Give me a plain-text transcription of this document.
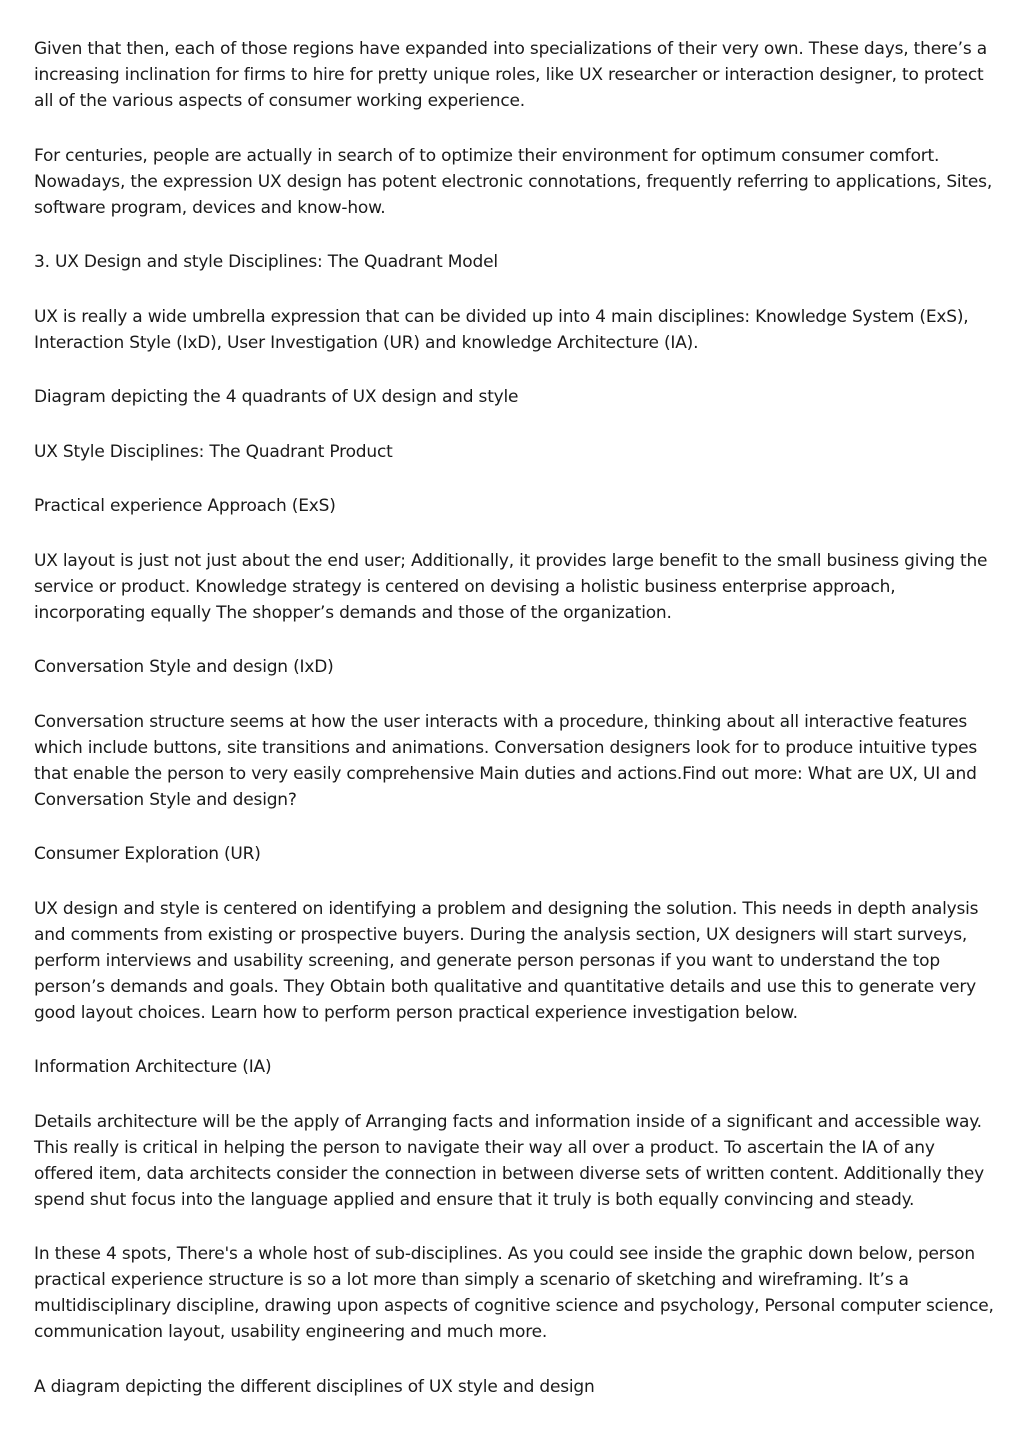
Given that then, each of those regions have expanded into specializations of their very own. These days, there’s a increasing inclination for firms to hire for pretty unique roles, like UX researcher or interaction designer, to protect all of the various aspects of consumer working experience.

For centuries, people are actually in search of to optimize their environment for optimum consumer comfort. Nowadays, the expression UX design has potent electronic connotations, frequently referring to applications, Sites, software program, devices and know-how.

3. UX Design and style Disciplines: The Quadrant Model

UX is really a wide umbrella expression that can be divided up into 4 main disciplines: Knowledge System (ExS), Interaction Style (IxD), User Investigation (UR) and knowledge Architecture (IA).

Diagram depicting the 4 quadrants of UX design and style

UX Style Disciplines: The Quadrant Product

Practical experience Approach (ExS)

UX layout is just not just about the end user; Additionally, it provides large benefit to the small business giving the service or product. Knowledge strategy is centered on devising a holistic business enterprise approach, incorporating equally The shopper’s demands and those of the organization.

Conversation Style and design (IxD)

Conversation structure seems at how the user interacts with a procedure, thinking about all interactive features which include buttons, site transitions and animations. Conversation designers look for to produce intuitive types that enable the person to very easily comprehensive Main duties and actions.Find out more: What are UX, UI and Conversation Style and design?

Consumer Exploration (UR)

UX design and style is centered on identifying a problem and designing the solution. This needs in depth analysis and comments from existing or prospective buyers. During the analysis section, UX designers will start surveys, perform interviews and usability screening, and generate person personas if you want to understand the top person’s demands and goals. They Obtain both qualitative and quantitative details and use this to generate very good layout choices. Learn how to perform person practical experience investigation below.

Information Architecture (IA)

Details architecture will be the apply of Arranging facts and information inside of a significant and accessible way. This really is critical in helping the person to navigate their way all over a product. To ascertain the IA of any offered item, data architects consider the connection in between diverse sets of written content. Additionally they spend shut focus into the language applied and ensure that it truly is both equally convincing and steady.

In these 4 spots, There's a whole host of sub-disciplines. As you could see inside the graphic down below, person practical experience structure is so a lot more than simply a scenario of sketching and wireframing. It’s a multidisciplinary discipline, drawing upon aspects of cognitive science and psychology, Personal computer science, communication layout, usability engineering and much more.

A diagram depicting the different disciplines of UX style and design
